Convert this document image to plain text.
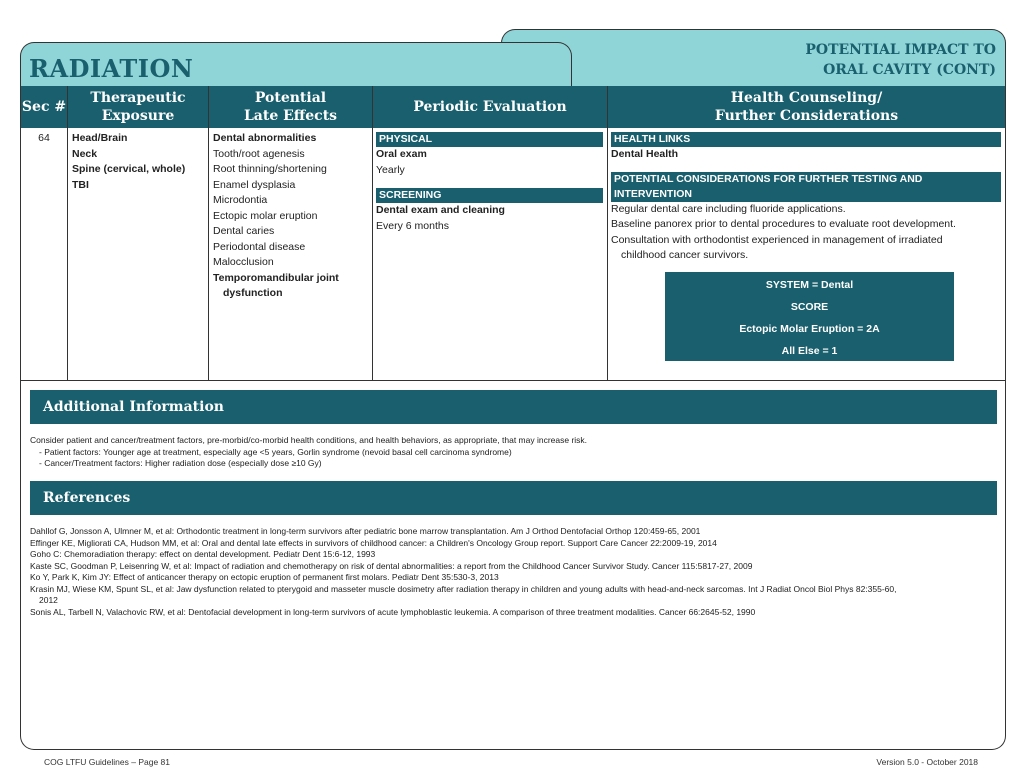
RADIATION
POTENTIAL IMPACT TO
ORAL CAVITY (CONT)
Sec #
Therapeutic
Exposure
Potential
Late Effects
Periodic Evaluation
Health Counseling/
Further Considerations
64	Head/Brain
Neck
Spine (cervical, whole)
TBI
Dental abnormalities
Tooth/root agenesis
Root thinning/shortening
Enamel dysplasia
Microdontia
Ectopic molar eruption
Dental caries
Periodontal disease
Malocclusion
Temporomandibular joint
dysfunction
PHYSICAL
Oral exam
Yearly
SCREENING
Dental exam and cleaning
Every 6 months
HEALTH LINKS
Dental Health
POTENTIAL CONSIDERATIONS FOR FURTHER TESTING AND INTERVENTION
Regular dental care including fluoride applications.
Baseline panorex prior to dental procedures to evaluate root development.
Consultation with orthodontist experienced in management of irradiated
childhood cancer survivors.
SYSTEM = Dental
SCORE
Ectopic Molar Eruption = 2A
All Else = 1
Additional Information
Consider patient and cancer/treatment factors, pre-morbid/co-morbid health conditions, and health behaviors, as appropriate, that may increase risk.
- Patient factors: Younger age at treatment, especially age <5 years, Gorlin syndrome (nevoid basal cell carcinoma syndrome)
- Cancer/Treatment factors: Higher radiation dose (especially dose ≥10 Gy)
References
Dahllof G, Jonsson A, Ulmner M, et al: Orthodontic treatment in long-term survivors after pediatric bone marrow transplantation. Am J Orthod Dentofacial Orthop 120:459-65, 2001
Effinger KE, Migliorati CA, Hudson MM, et al: Oral and dental late effects in survivors of childhood cancer: a Children's Oncology Group report. Support Care Cancer 22:2009-19, 2014
Goho C: Chemoradiation therapy: effect on dental development. Pediatr Dent 15:6-12, 1993
Kaste SC, Goodman P, Leisenring W, et al: Impact of radiation and chemotherapy on risk of dental abnormalities: a report from the Childhood Cancer Survivor Study. Cancer 115:5817-27, 2009
Ko Y, Park K, Kim JY: Effect of anticancer therapy on ectopic eruption of permanent first molars. Pediatr Dent 35:530-3, 2013
Krasin MJ, Wiese KM, Spunt SL, et al: Jaw dysfunction related to pterygoid and masseter muscle dosimetry after radiation therapy in children and young adults with head-and-neck sarcomas. Int J Radiat Oncol Biol Phys 82:355-60,
2012
Sonis AL, Tarbell N, Valachovic RW, et al: Dentofacial development in long-term survivors of acute lymphoblastic leukemia. A comparison of three treatment modalities. Cancer 66:2645-52, 1990
COG LTFU Guidelines – Page 81	Version 5.0 - October 2018
